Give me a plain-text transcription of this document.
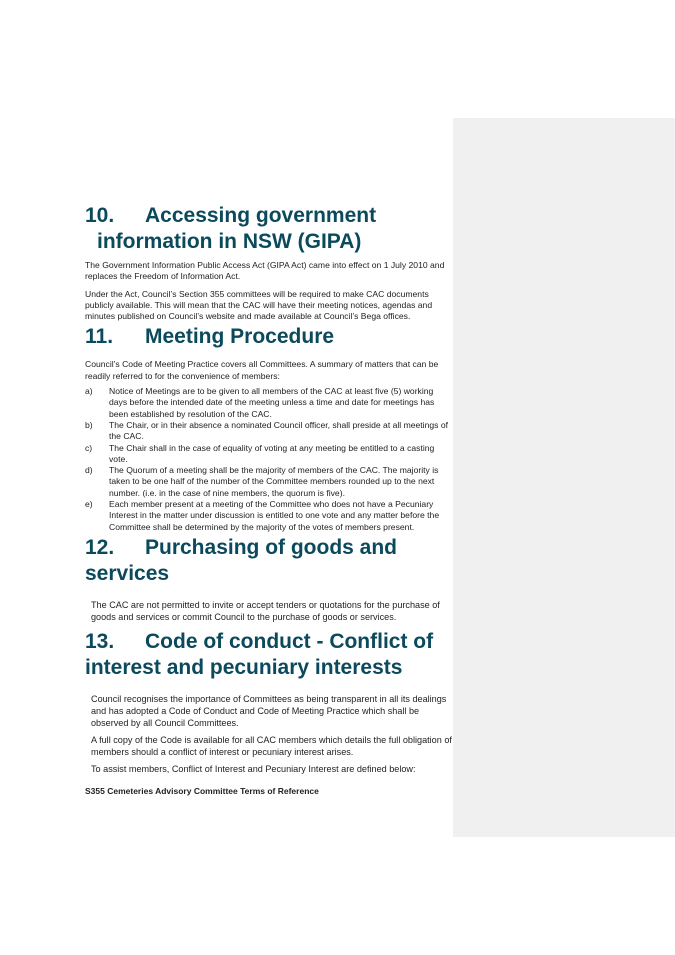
10. Accessing government
information in NSW (GIPA)

The Government Information Public Access Act (GIPA Act) came into effect on 1 July 2010 and replaces the Freedom of Information Act.

Under the Act, Council’s Section 355 committees will be required to make CAC documents publicly available. This will mean that the CAC will have their meeting notices, agendas and minutes published on Council’s website and made available at Council’s Bega offices.

11. Meeting Procedure

Council’s Code of Meeting Practice covers all Committees. A summary of matters that can be readily referred to for the convenience of members:

a)	Notice of Meetings are to be given to all members of the CAC at least five (5) working days before the intended date of the meeting unless a time and date for meetings has been established by resolution of the CAC.
b)	The Chair, or in their absence a nominated Council officer, shall preside at all meetings of the CAC.
c)	The Chair shall in the case of equality of voting at any meeting be entitled to a casting vote.
d)	The Quorum of a meeting shall be the majority of members of the CAC. The majority is taken to be one half of the number of the Committee members rounded up to the next number. (i.e. in the case of nine members, the quorum is five).
e)	Each member present at a meeting of the Committee who does not have a Pecuniary Interest in the matter under discussion is entitled to one vote and any matter before the Committee shall be determined by the majority of the votes of members present.
12. Purchasing of goods and
services

The CAC are not permitted to invite or accept tenders or quotations for the purchase of goods and services or commit Council to the purchase of goods or services.

13. Code of conduct - Conflict of
interest and pecuniary interests

Council recognises the importance of Committees as being transparent in all its dealings and has adopted a Code of Conduct and Code of Meeting Practice which shall be observed by all Council Committees.

A full copy of the Code is available for all CAC members which details the full obligation of members should a conflict of interest or pecuniary interest arises.

To assist members, Conflict of Interest and Pecuniary Interest are defined below:

S355 Cemeteries Advisory Committee Terms of Reference
